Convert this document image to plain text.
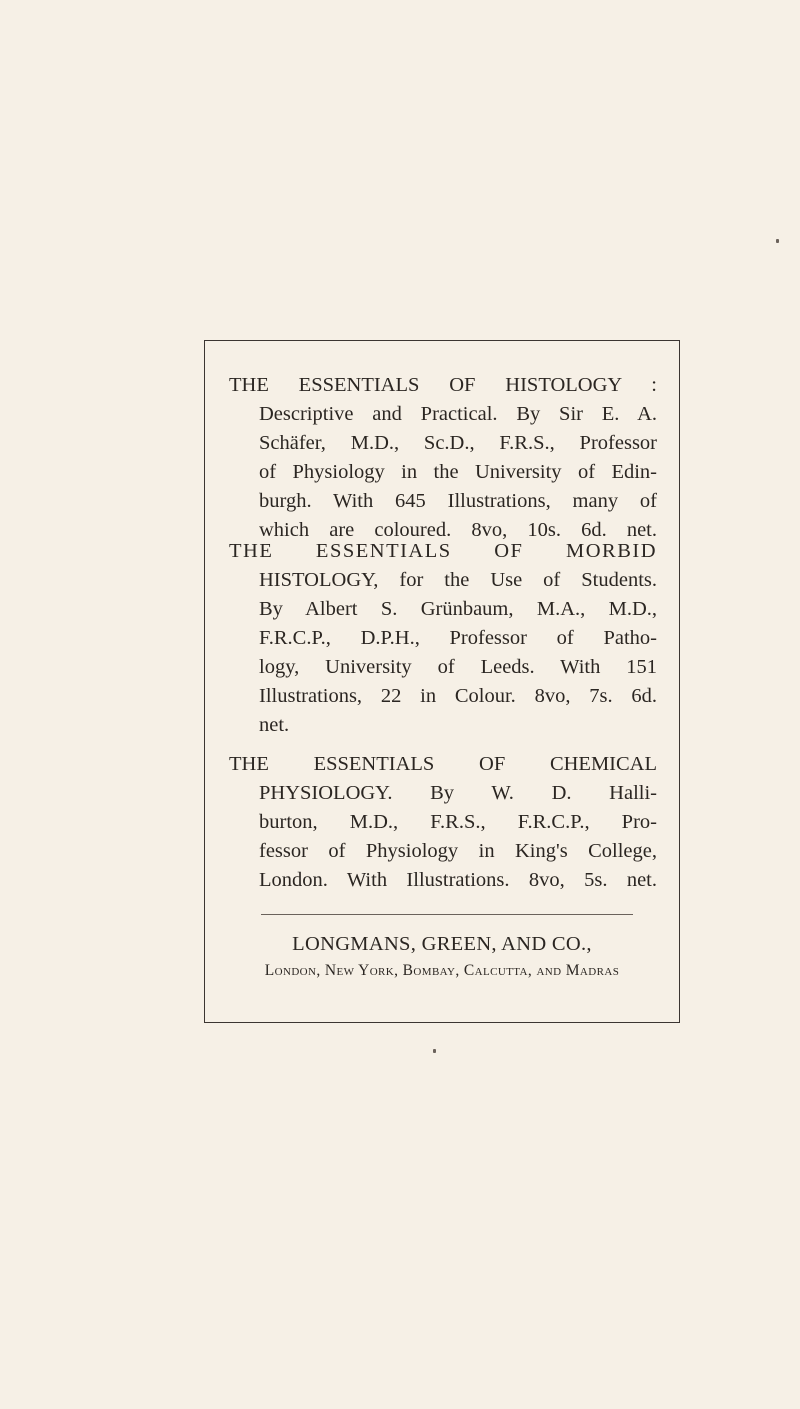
THE ESSENTIALS OF HISTOLOGY :
Descriptive and Practical. By Sir E. A.
Schäfer, M.D., Sc.D., F.R.S., Professor
of Physiology in the University of Edin-
burgh. With 645 Illustrations, many of
which are coloured. 8vo, 10s. 6d. net.
THE ESSENTIALS OF MORBID
HISTOLOGY, for the Use of Students.
By Albert S. Grünbaum, M.A., M.D.,
F.R.C.P., D.P.H., Professor of Patho-
logy, University of Leeds. With 151
Illustrations, 22 in Colour. 8vo, 7s. 6d.
net.
THE ESSENTIALS OF CHEMICAL
PHYSIOLOGY. By W. D. Halli-
burton, M.D., F.R.S., F.R.C.P., Pro-
fessor of Physiology in King's College,
London. With Illustrations. 8vo, 5s. net.
LONGMANS, GREEN, AND CO.,
London, New York, Bombay, Calcutta, and Madras
